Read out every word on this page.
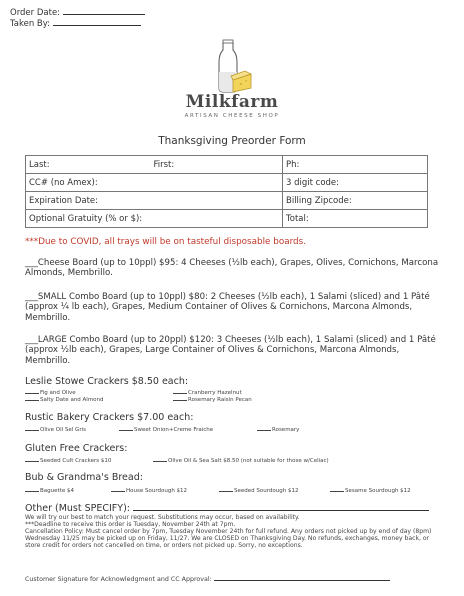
Order Date:
Taken By:
Milkfarm
ARTISAN CHEESE SHOP
Thanksgiving Preorder Form
Last: First:	Ph:
CC# (no Amex):	3 digit code:
Expiration Date:	Billing Zipcode:
Optional Gratuity (% or $):	Total:
***Due to COVID, all trays will be on tasteful disposable boards.
___Cheese Board (up to 10ppl) $95: 4 Cheeses (½lb each), Grapes, Olives, Cornichons, Marcona Almonds, Membrillo.
___SMALL Combo Board (up to 10ppl) $80: 2 Cheeses (½lb each), 1 Salami (sliced) and 1 Pâté (approx ¼ lb each), Grapes, Medium Container of Olives & Cornichons, Marcona Almonds, Membrillo.
___LARGE Combo Board (up to 20ppl) $120: 3 Cheeses (½lb each), 1 Salami (sliced) and 1 Pâté (approx ½lb each), Grapes, Large Container of Olives & Cornichons, Marcona Almonds, Membrillo.
Leslie Stowe Crackers $8.50 each:
Fig and Olive	Cranberry Hazelnut
Salty Date and Almond	Rosemary Raisin Pecan
Rustic Bakery Crackers $7.00 each:
Olive Oil Sel Gris	Sweet Onion+Creme Fraiche	Rosemary
Gluten Free Crackers:
Seeded Cult Crackers $10	Olive Oil & Sea Salt $8.50 (not suitable for those w/Celiac)
Bub & Grandma's Bread:
Baguette $4	House Sourdough $12	Seeded Sourdough $12	Sesame Sourdough $12
Other (Must SPECIFY):
We will try our best to match your request. Substitutions may occur, based on availability.
***Deadline to receive this order is Tuesday, November 24th at 7pm.
Cancellation Policy: Must cancel order by 7pm, Tuesday November 24th for full refund. Any orders not picked up by end of day (8pm) Wednesday 11/25 may be picked up on Friday, 11/27. We are CLOSED on Thanksgiving Day. No refunds, exchanges, money back, or store credit for orders not cancelled on time, or orders not picked up. Sorry, no exceptions.
Customer Signature for Acknowledgment and CC Approval:
